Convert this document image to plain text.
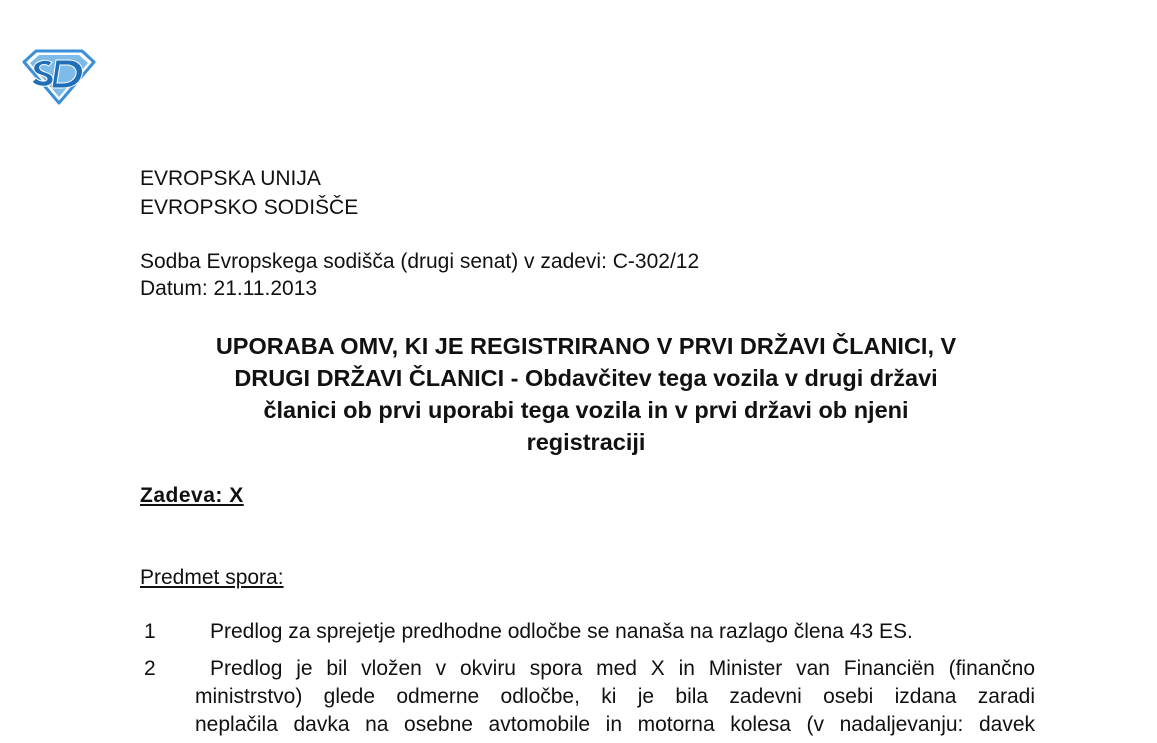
EVROPSKA UNIJA
EVROPSKO SODIŠČE
Sodba Evropskega sodišča (drugi senat) v zadevi: C-302/12
Datum: 21.11.2013
UPORABA OMV, KI JE REGISTRIRANO V PRVI DRŽAVI ČLANICI, V
DRUGI DRŽAVI ČLANICI - Obdavčitev tega vozila v drugi državi
članici ob prvi uporabi tega vozila in v prvi državi ob njeni
registraciji
Zadeva: X
Predmet spora:
1	Predlog za sprejetje predhodne odločbe se nanaša na razlago člena 43 ES.
2	Predlog je bil vložen v okviru spora med X in Minister van Financiën (finančno
ministrstvo) glede odmerne odločbe, ki je bila zadevni osebi izdana zaradi
neplačila davka na osebne avtomobile in motorna kolesa (v nadaljevanju: davek
